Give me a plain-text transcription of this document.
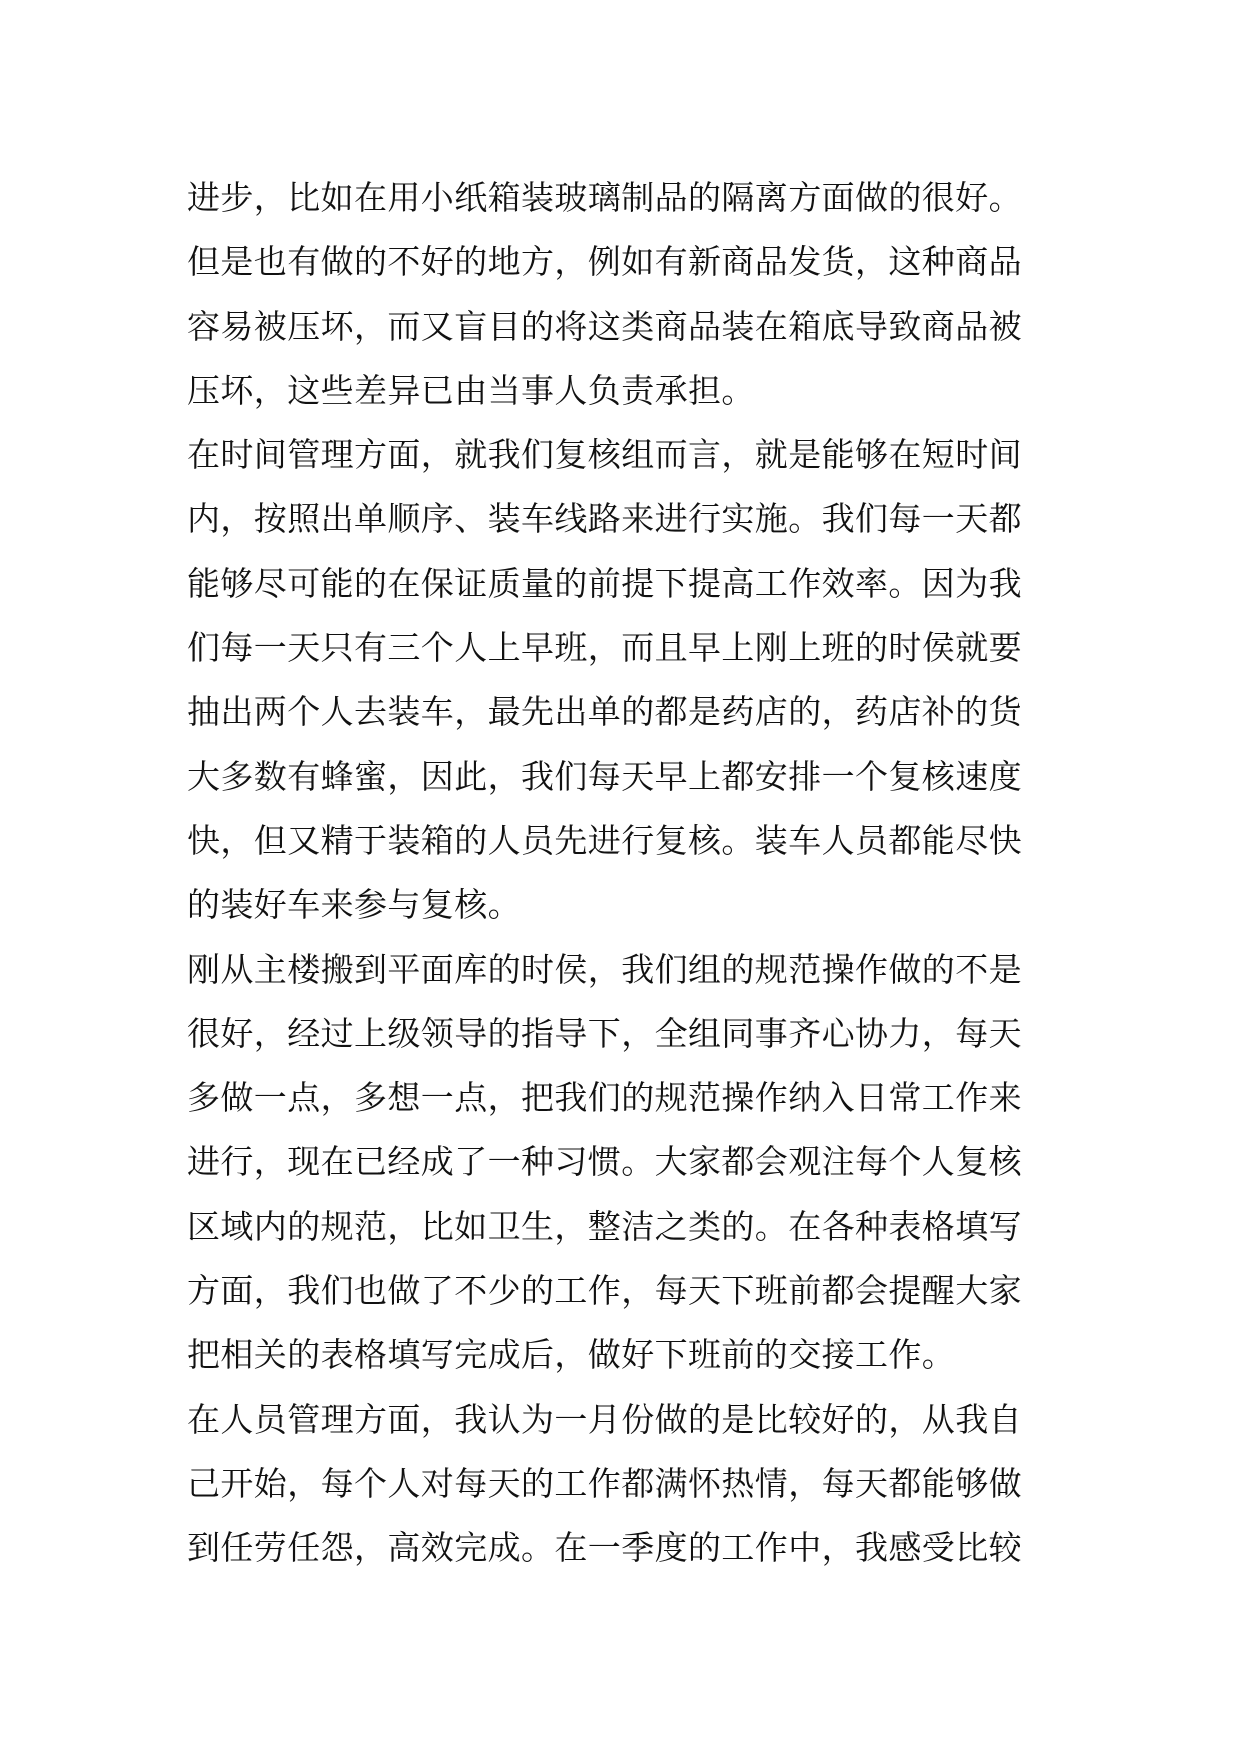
进步，比如在用小纸箱装玻璃制品的隔离方面做的很好。
但是也有做的不好的地方，例如有新商品发货，这种商品
容易被压坏，而又盲目的将这类商品装在箱底导致商品被
压坏，这些差异已由当事人负责承担。
在时间管理方面，就我们复核组而言，就是能够在短时间
内，按照出单顺序、装车线路来进行实施。我们每一天都
能够尽可能的在保证质量的前提下提高工作效率。因为我
们每一天只有三个人上早班，而且早上刚上班的时侯就要
抽出两个人去装车，最先出单的都是药店的，药店补的货
大多数有蜂蜜，因此，我们每天早上都安排一个复核速度
快，但又精于装箱的人员先进行复核。装车人员都能尽快
的装好车来参与复核。
刚从主楼搬到平面库的时侯，我们组的规范操作做的不是
很好，经过上级领导的指导下，全组同事齐心协力，每天
多做一点，多想一点，把我们的规范操作纳入日常工作来
进行，现在已经成了一种习惯。大家都会观注每个人复核
区域内的规范，比如卫生，整洁之类的。在各种表格填写
方面，我们也做了不少的工作，每天下班前都会提醒大家
把相关的表格填写完成后，做好下班前的交接工作。
在人员管理方面，我认为一月份做的是比较好的，从我自
己开始，每个人对每天的工作都满怀热情，每天都能够做
到任劳任怨，高效完成。在一季度的工作中，我感受比较
